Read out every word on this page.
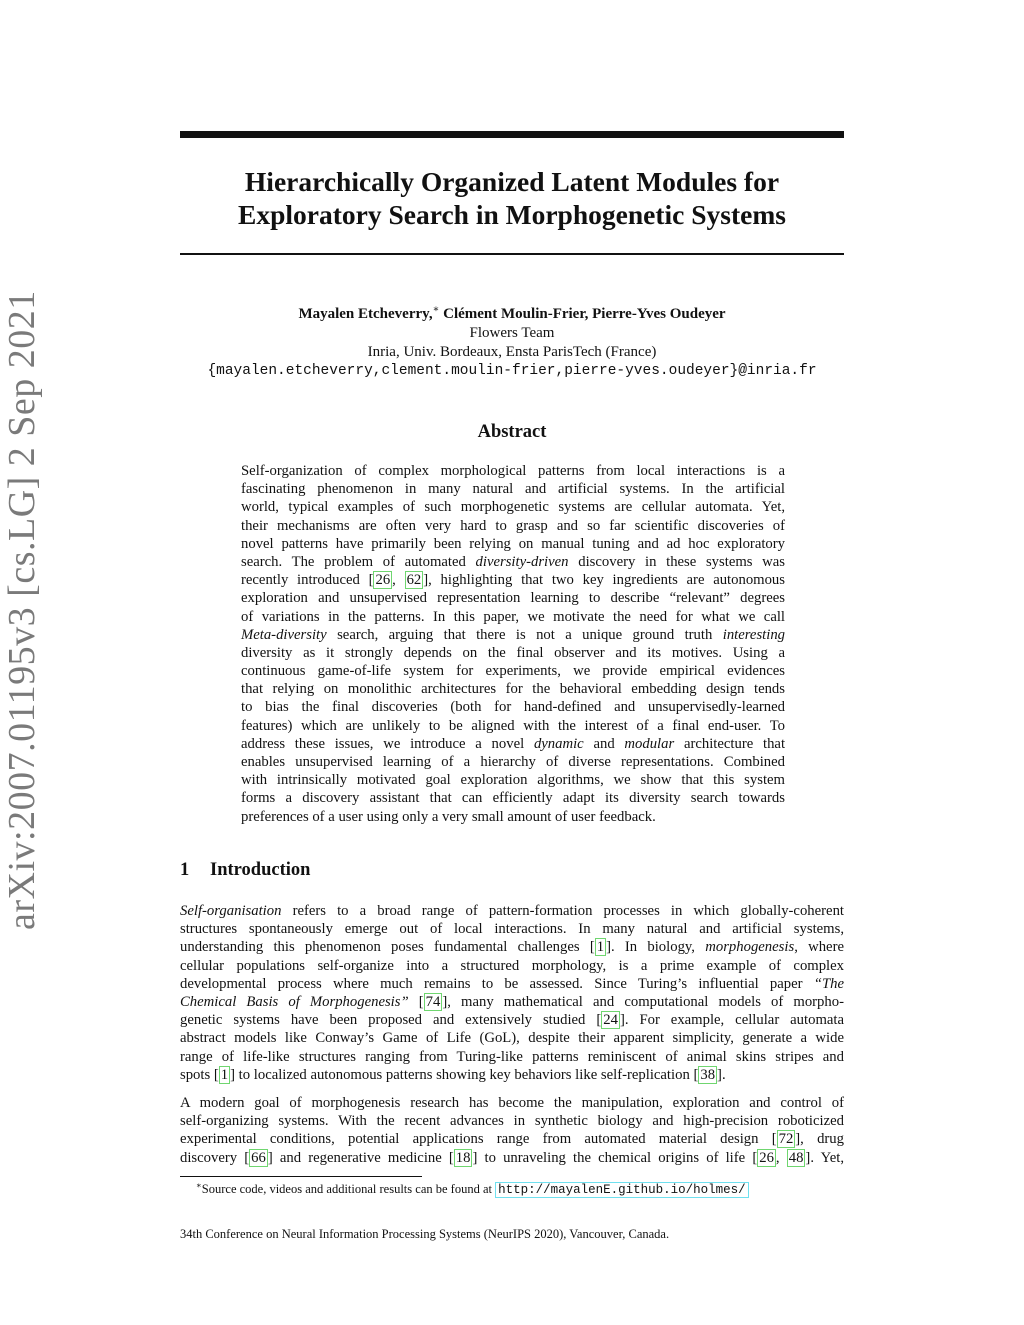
arXiv:2007.01195v3 [cs.LG] 2 Sep 2021
Hierarchically Organized Latent Modules for
Exploratory Search in Morphogenetic Systems
Mayalen Etcheverry,∗ Clément Moulin-Frier, Pierre-Yves Oudeyer
Flowers Team
Inria, Univ. Bordeaux, Ensta ParisTech (France)
{mayalen.etcheverry,clement.moulin-frier,pierre-yves.oudeyer}@inria.fr
Abstract
Self-organization of complex morphological patterns from local interactions is a
fascinating phenomenon in many natural and artificial systems. In the artificial
world, typical examples of such morphogenetic systems are cellular automata. Yet,
their mechanisms are often very hard to grasp and so far scientific discoveries of
novel patterns have primarily been relying on manual tuning and ad hoc exploratory
search. The problem of automated diversity-driven discovery in these systems was
recently introduced [ 26 , 62 ], highlighting that two key ingredients are autonomous
exploration and unsupervised representation learning to describe “relevant” degrees
of variations in the patterns. In this paper, we motivate the need for what we call
Meta-diversity search, arguing that there is not a unique ground truth interesting
diversity as it strongly depends on the final observer and its motives. Using a
continuous game-of-life system for experiments, we provide empirical evidences
that relying on monolithic architectures for the behavioral embedding design tends
to bias the final discoveries (both for hand-defined and unsupervisedly-learned
features) which are unlikely to be aligned with the interest of a final end-user. To
address these issues, we introduce a novel dynamic and modular architecture that
enables unsupervised learning of a hierarchy of diverse representations. Combined
with intrinsically motivated goal exploration algorithms, we show that this system
forms a discovery assistant that can efficiently adapt its diversity search towards
preferences of a user using only a very small amount of user feedback.
1 Introduction
Self-organisation refers to a broad range of pattern-formation processes in which globally-coherent
structures spontaneously emerge out of local interactions. In many natural and artificial systems,
understanding this phenomenon poses fundamental challenges [ 1 ]. In biology, morphogenesis, where
cellular populations self-organize into a structured morphology, is a prime example of complex
developmental process where much remains to be assessed. Since Turing’s influential paper “The
Chemical Basis of Morphogenesis” [ 74 ], many mathematical and computational models of morpho-
genetic systems have been proposed and extensively studied [ 24 ]. For example, cellular automata
abstract models like Conway’s Game of Life (GoL), despite their apparent simplicity, generate a wide
range of life-like structures ranging from Turing-like patterns reminiscent of animal skins stripes and
spots [ 1 ] to localized autonomous patterns showing key behaviors like self-replication [ 38 ].
A modern goal of morphogenesis research has become the manipulation, exploration and control of
self-organizing systems. With the recent advances in synthetic biology and high-precision roboticized
experimental conditions, potential applications range from automated material design [ 72 ], drug
discovery [ 66 ] and regenerative medicine [ 18 ] to unraveling the chemical origins of life [ 26 , 48 ]. Yet,
∗Source code, videos and additional results can be found at http://mayalenE.github.io/holmes/
34th Conference on Neural Information Processing Systems (NeurIPS 2020), Vancouver, Canada.
